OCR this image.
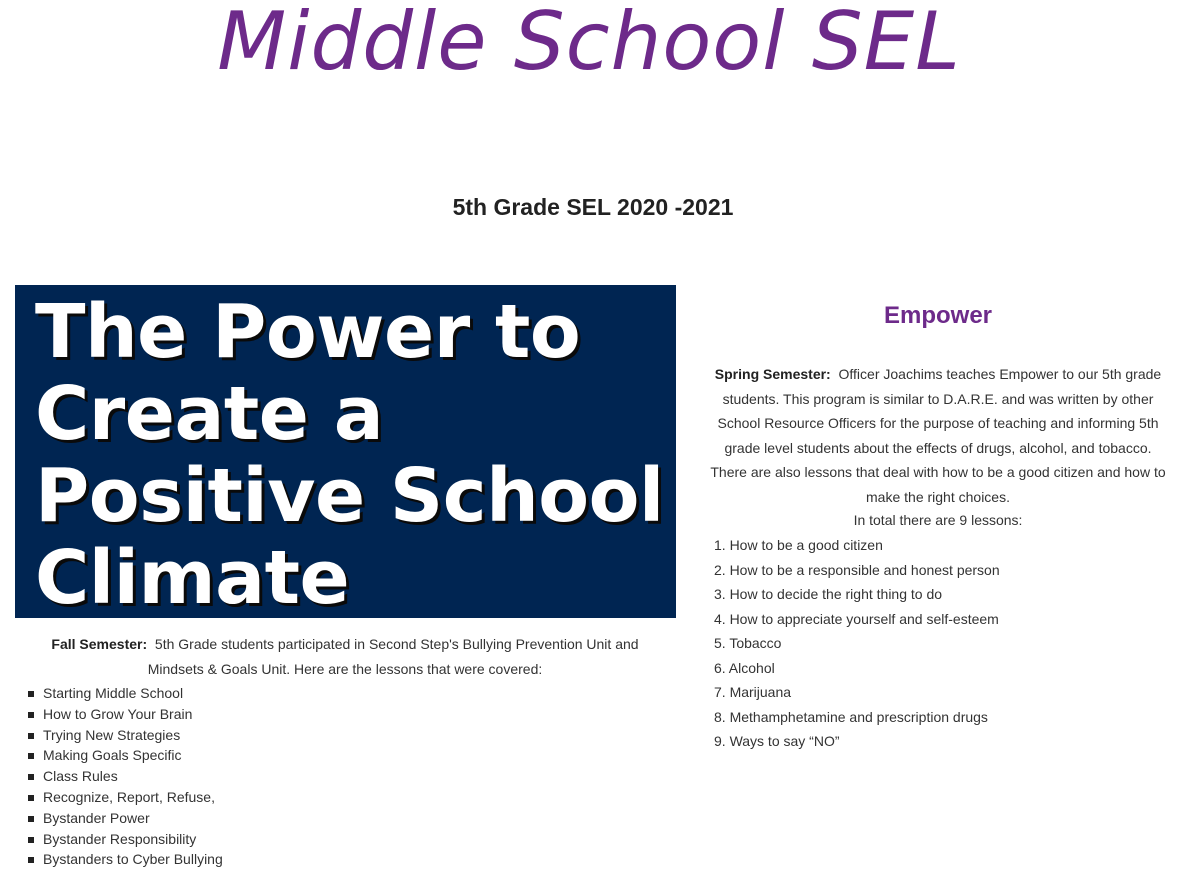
Middle School SEL
5th Grade SEL 2020 -2021
The Power to
Create a
Positive School
Climate

Fall Semester: 5th Grade students participated in Second Step's Bullying Prevention Unit and Mindsets & Goals Unit. Here are the lessons that were covered:

Starting Middle School
How to Grow Your Brain
Trying New Strategies
Making Goals Specific
Class Rules
Recognize, Report, Refuse,
Bystander Power
Bystander Responsibility
Bystanders to Cyber Bullying
Empower

Spring Semester: Officer Joachims teaches Empower to our 5th grade students. This program is similar to D.A.R.E. and was written by other School Resource Officers for the purpose of teaching and informing 5th grade level students about the effects of drugs, alcohol, and tobacco. There are also lessons that deal with how to be a good citizen and how to make the right choices.

In total there are 9 lessons:

1. How to be a good citizen
2. How to be a responsible and honest person
3. How to decide the right thing to do
4. How to appreciate yourself and self-esteem
5. Tobacco
6. Alcohol
7. Marijuana
8. Methamphetamine and prescription drugs
9. Ways to say “NO”
